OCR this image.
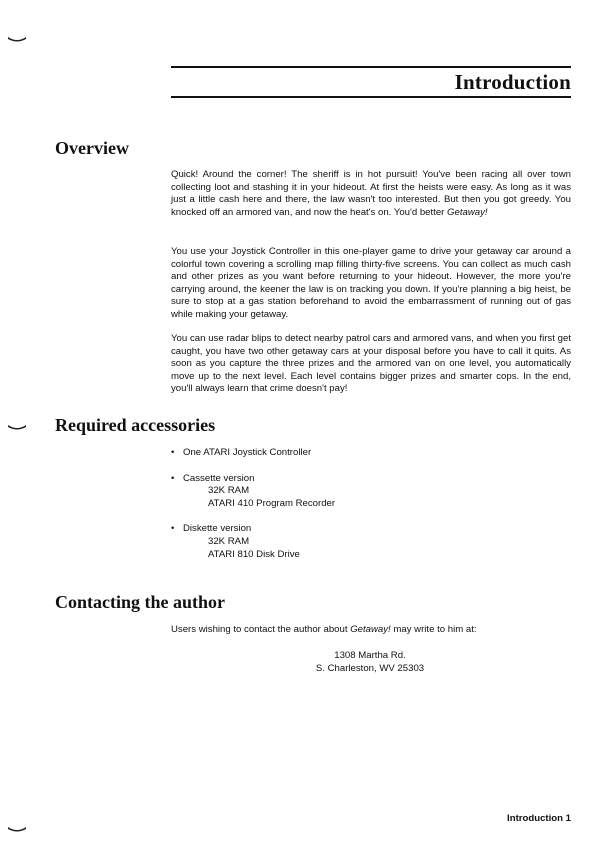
Introduction
Overview

Quick! Around the corner! The sheriff is in hot pursuit! You've been racing all over town collecting loot and stashing it in your hideout. At first the heists were easy. As long as it was just a little cash here and there, the law wasn't too interested. But then you got greedy. You knocked off an armored van, and now the heat's on. You'd better Getaway!

You use your Joystick Controller in this one-player game to drive your getaway car around a colorful town covering a scrolling map filling thirty-five screens. You can collect as much cash and other prizes as you want before returning to your hideout. However, the more you're carrying around, the keener the law is on tracking you down. If you're planning a big heist, be sure to stop at a gas station beforehand to avoid the embarrassment of running out of gas while making your getaway.

You can use radar blips to detect nearby patrol cars and armored vans, and when you first get caught, you have two other getaway cars at your disposal before you have to call it quits. As soon as you capture the three prizes and the armored van on one level, you automatically move up to the next level. Each level contains bigger prizes and smarter cops. In the end, you'll always learn that crime doesn't pay!

Required accessories
• One ATARI Joystick Controller
• Cassette version
32K RAM
ATARI 410 Program Recorder
• Diskette version
32K RAM
ATARI 810 Disk Drive
Contacting the author

Users wishing to contact the author about Getaway! may write to him at:

1308 Martha Rd.
S. Charleston, WV 25303

Introduction 1
